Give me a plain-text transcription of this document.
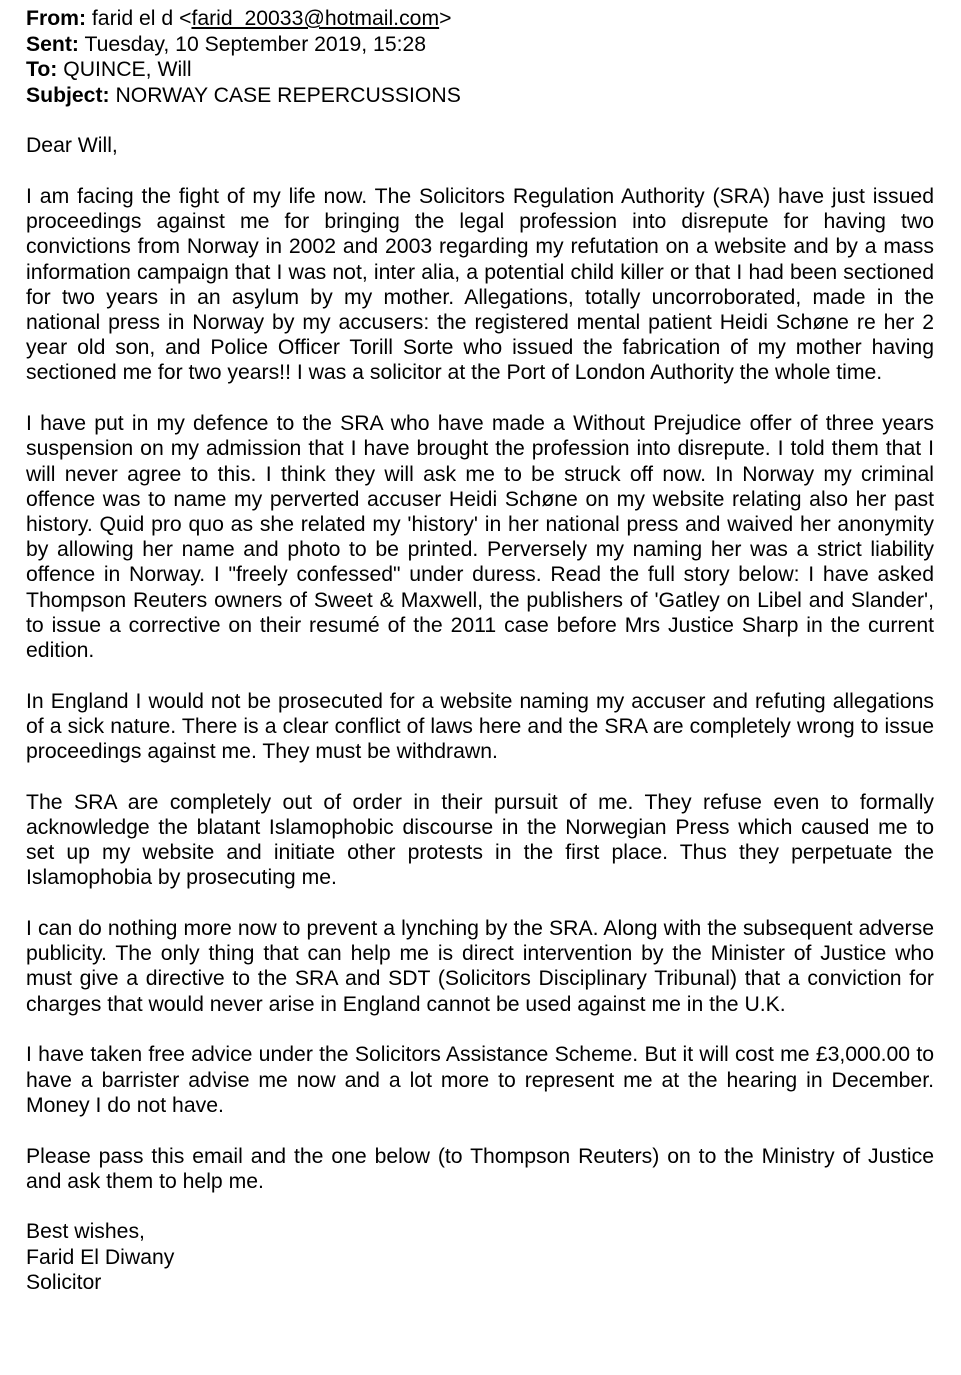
From: farid el d <farid_20033@hotmail.com>
Sent: Tuesday, 10 September 2019, 15:28
To: QUINCE, Will
Subject: NORWAY CASE REPERCUSSIONS
Dear Will,

I am facing the fight of my life now. The Solicitors Regulation Authority (SRA) have just issued proceedings against me for bringing the legal profession into disrepute for having two convictions from Norway in 2002 and 2003 regarding my refutation on a website and by a mass information campaign that I was not, inter alia, a potential child killer or that I had been sectioned for two years in an asylum by my mother. Allegations, totally uncorroborated, made in the national press in Norway by my accusers: the registered mental patient Heidi Schøne re her 2 year old son, and Police Officer Torill Sorte who issued the fabrication of my mother having sectioned me for two years!! I was a solicitor at the Port of London Authority the whole time.

I have put in my defence to the SRA who have made a Without Prejudice offer of three years suspension on my admission that I have brought the profession into disrepute. I told them that I will never agree to this. I think they will ask me to be struck off now. In Norway my criminal offence was to name my perverted accuser Heidi Schøne on my website relating also her past history. Quid pro quo as she related my 'history' in her national press and waived her anonymity by allowing her name and photo to be printed. Perversely my naming her was a strict liability offence in Norway. I "freely confessed" under duress. Read the full story below: I have asked Thompson Reuters owners of Sweet & Maxwell, the publishers of 'Gatley on Libel and Slander', to issue a corrective on their resumé of the 2011 case before Mrs Justice Sharp in the current edition.

In England I would not be prosecuted for a website naming my accuser and refuting allegations of a sick nature. There is a clear conflict of laws here and the SRA are completely wrong to issue proceedings against me. They must be withdrawn.

The SRA are completely out of order in their pursuit of me. They refuse even to formally acknowledge the blatant Islamophobic discourse in the Norwegian Press which caused me to set up my website and initiate other protests in the first place. Thus they perpetuate the Islamophobia by prosecuting me.

I can do nothing more now to prevent a lynching by the SRA. Along with the subsequent adverse publicity. The only thing that can help me is direct intervention by the Minister of Justice who must give a directive to the SRA and SDT (Solicitors Disciplinary Tribunal) that a conviction for charges that would never arise in England cannot be used against me in the U.K.

I have taken free advice under the Solicitors Assistance Scheme. But it will cost me £3,000.00 to have a barrister advise me now and a lot more to represent me at the hearing in December. Money I do not have.

Please pass this email and the one below (to Thompson Reuters) on to the Ministry of Justice and ask them to help me.

Best wishes,
Farid El Diwany
Solicitor
